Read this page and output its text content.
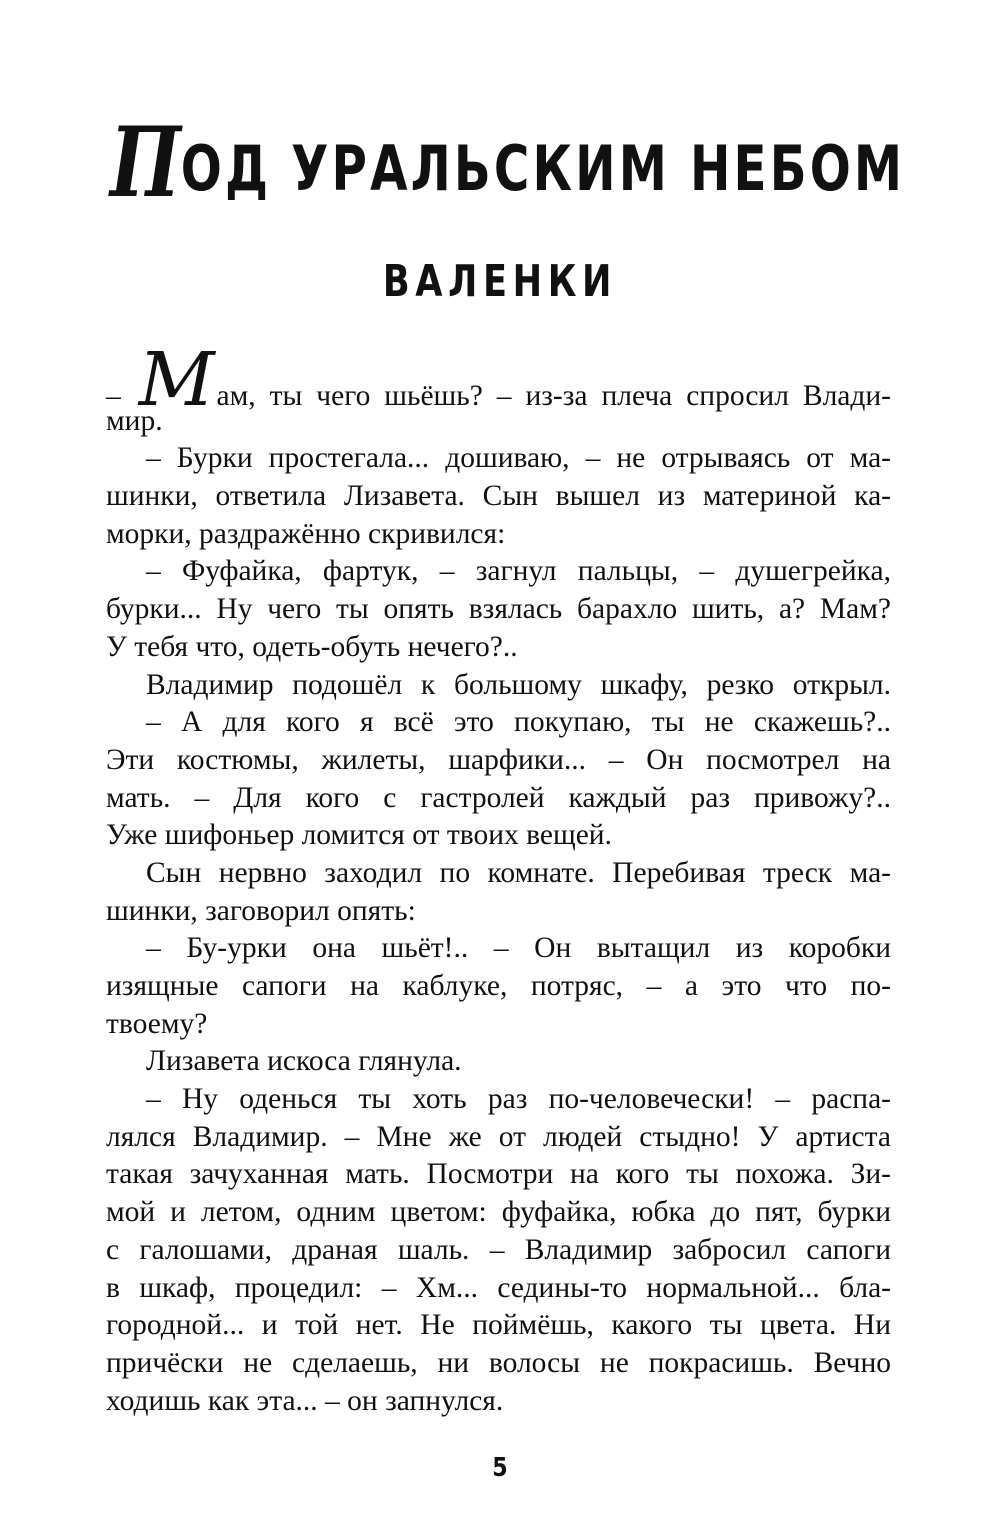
ПОД УРАЛЬСКИМ НЕБОМ
ВАЛЕНКИ
– Мам, ты чего шьёшь? – из-за плеча спросил Влади-
мир.
– Бурки простегала... дошиваю, – не отрываясь от ма-
шинки, ответила Лизавета. Сын вышел из материной ка-
морки, раздражённо скривился:
– Фуфайка, фартук, – загнул пальцы, – душегрейка,
бурки... Ну чего ты опять взялась барахло шить, а? Мам?
У тебя что, одеть-обуть нечего?..
Владимир подошёл к большому шкафу, резко открыл.
– А для кого я всё это покупаю, ты не скажешь?..
Эти костюмы, жилеты, шарфики... – Он посмотрел на
мать. – Для кого с гастролей каждый раз привожу?..
Уже шифоньер ломится от твоих вещей.
Сын нервно заходил по комнате. Перебивая треск ма-
шинки, заговорил опять:
– Бу-урки она шьёт!.. – Он вытащил из коробки
изящные сапоги на каблуке, потряс, – а это что по-
твоему?
Лизавета искоса глянула.
– Ну оденься ты хоть раз по-человечески! – распа-
лялся Владимир. – Мне же от людей стыдно! У артиста
такая зачуханная мать. Посмотри на кого ты похожа. Зи-
мой и летом, одним цветом: фуфайка, юбка до пят, бурки
с галошами, драная шаль. – Владимир забросил сапоги
в шкаф, процедил: – Хм... седины-то нормальной... бла-
городной... и той нет. Не поймёшь, какого ты цвета. Ни
причёски не сделаешь, ни волосы не покрасишь. Вечно
ходишь как эта... – он запнулся.
5
